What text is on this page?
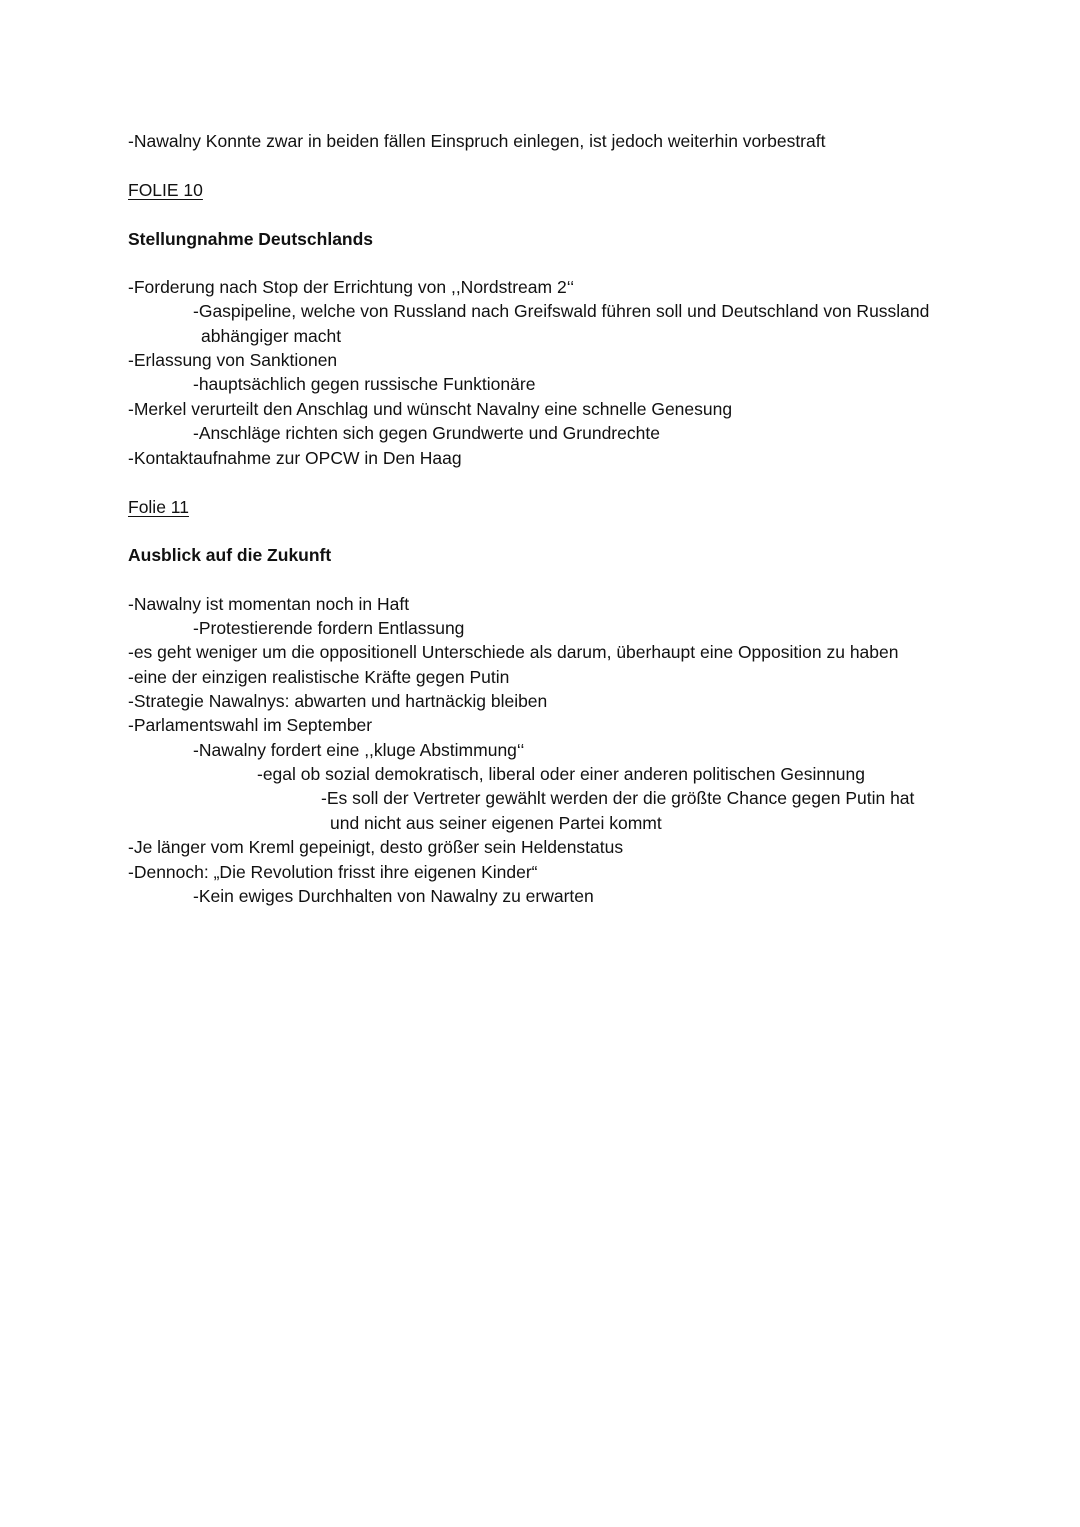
-Nawalny Konnte zwar in beiden fällen Einspruch einlegen, ist jedoch weiterhin vorbestraft
FOLIE 10
Stellungnahme Deutschlands
-Forderung nach Stop der Errichtung von ,,Nordstream 2‘‘
-Gaspipeline, welche von Russland nach Greifswald führen soll und Deutschland von Russland
abhängiger macht
-Erlassung von Sanktionen
-hauptsächlich gegen russische Funktionäre
-Merkel verurteilt den Anschlag und wünscht Navalny eine schnelle Genesung
-Anschläge richten sich gegen Grundwerte und Grundrechte
-Kontaktaufnahme zur OPCW in Den Haag
Folie 11
Ausblick auf die Zukunft
-Nawalny ist momentan noch in Haft
-Protestierende fordern Entlassung
-es geht weniger um die oppositionell Unterschiede als darum, überhaupt eine Opposition zu haben
-eine der einzigen realistische Kräfte gegen Putin
-Strategie Nawalnys: abwarten und hartnäckig bleiben
-Parlamentswahl im September
-Nawalny fordert eine ,,kluge Abstimmung‘‘
-egal ob sozial demokratisch, liberal oder einer anderen politischen Gesinnung
-Es soll der Vertreter gewählt werden der die größte Chance gegen Putin hat
und nicht aus seiner eigenen Partei kommt
-Je länger vom Kreml gepeinigt, desto größer sein Heldenstatus
-Dennoch: „Die Revolution frisst ihre eigenen Kinder“
-Kein ewiges Durchhalten von Nawalny zu erwarten
